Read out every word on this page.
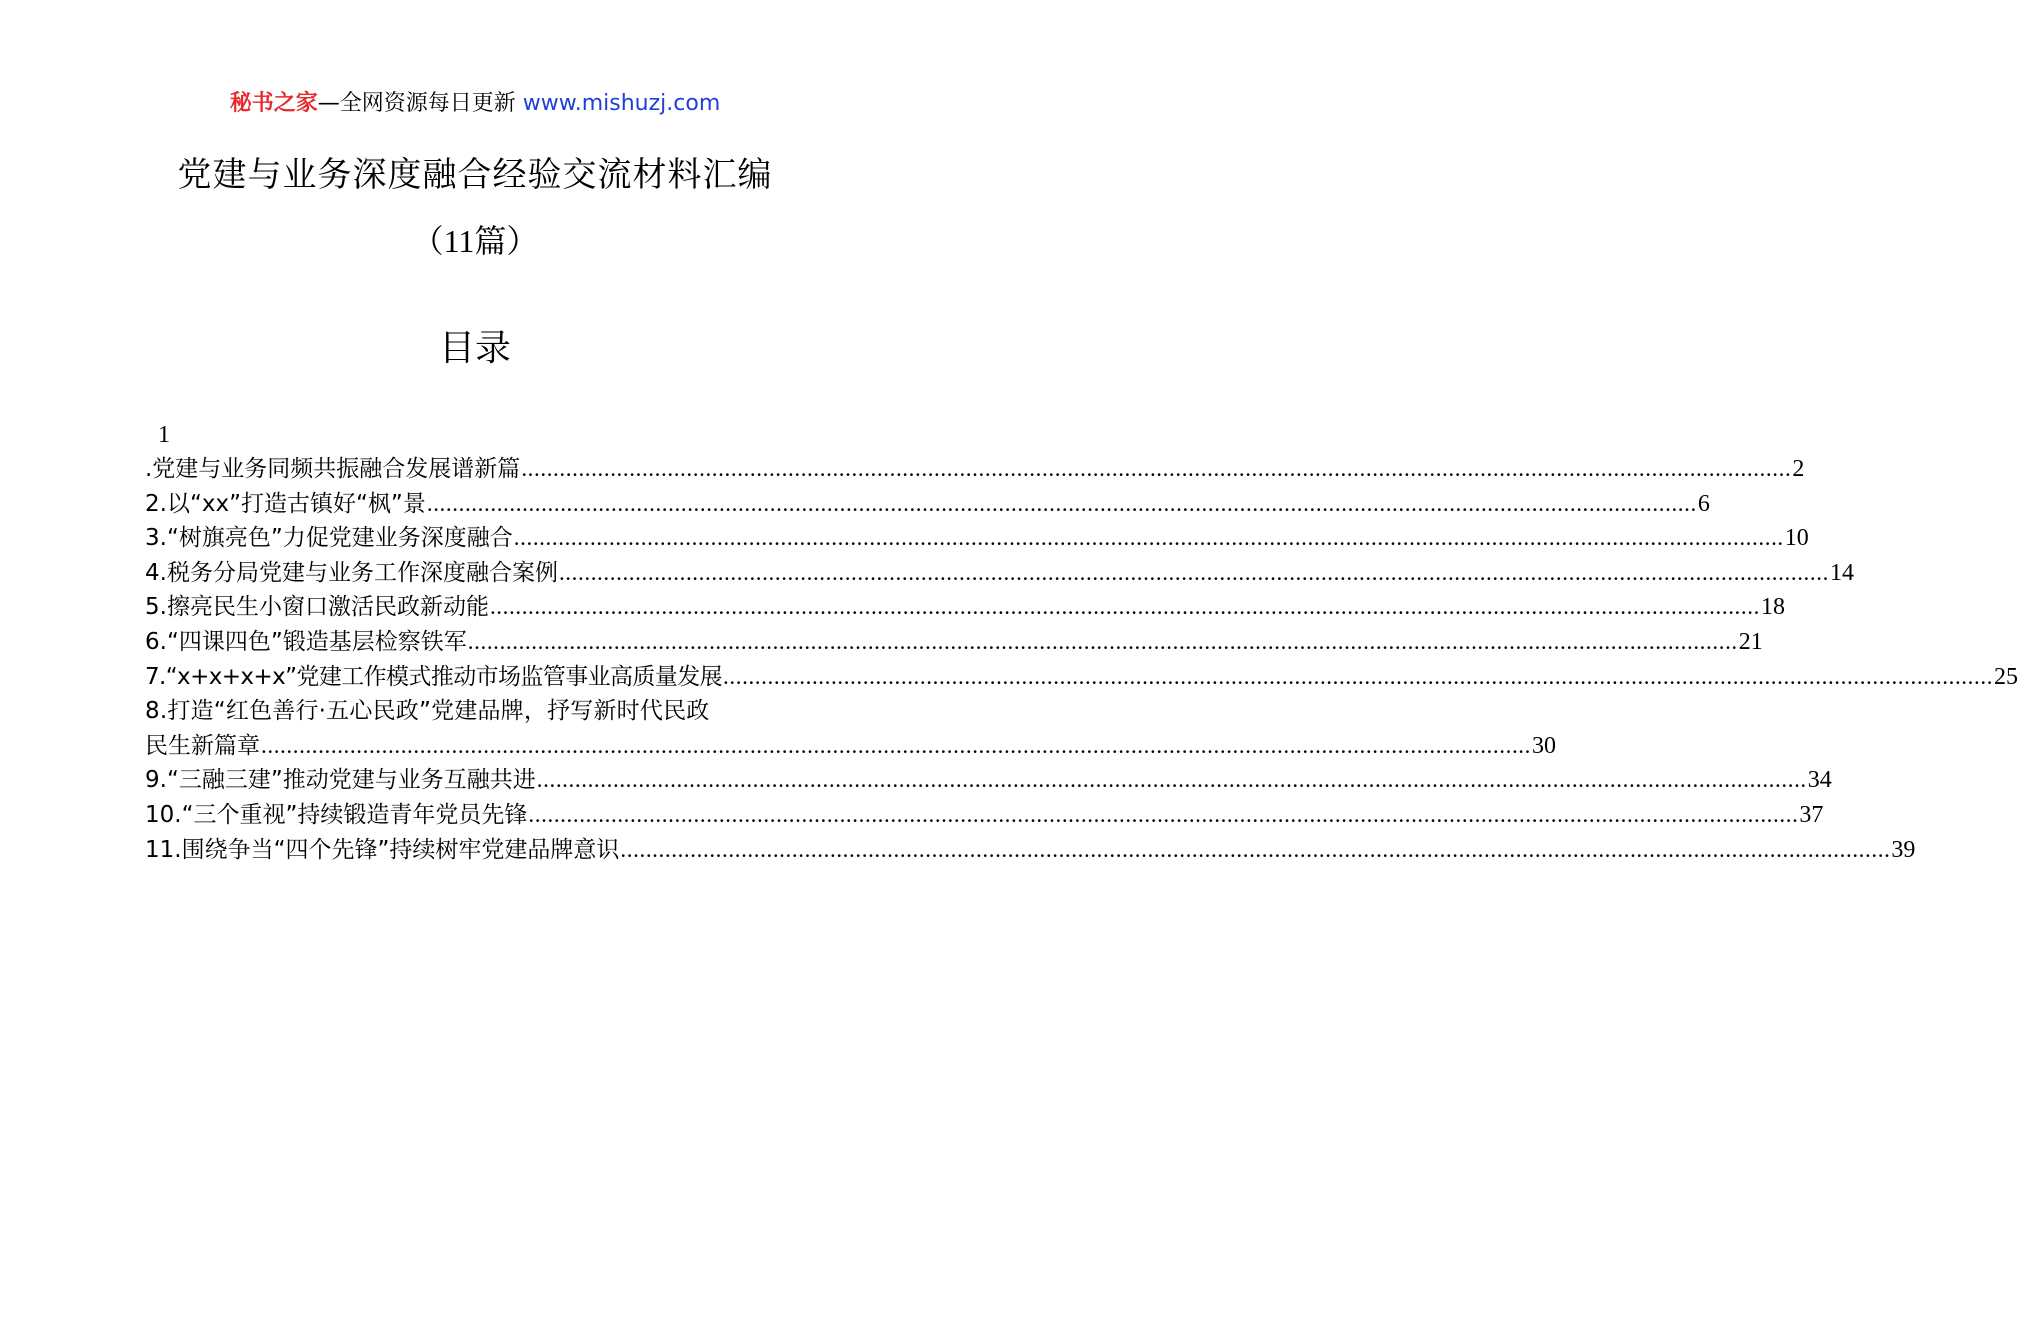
秘书之家—全网资源每日更新 www.mishuzj.com
党建与业务深度融合经验交流材料汇编
（11篇）
目录
1
.党建与业务同频共振融合发展谱新篇 ........................................................................................................................................................................................................ 2
2.以“xx”打造古镇好“枫”景 ........................................................................................................................................................................................................ 6
3.“树旗亮色”力促党建业务深度融合 ........................................................................................................................................................................................................ 10
4.税务分局党建与业务工作深度融合案例 ........................................................................................................................................................................................................ 14
5.擦亮民生小窗口激活民政新动能 ........................................................................................................................................................................................................ 18
6.“四课四色”锻造基层检察铁军 ........................................................................................................................................................................................................ 21
7.“x+x+x+x”党建工作模式推动市场监管事业高质量发展 ........................................................................................................................................................................................................ 25
8.打造“红色善行·五心民政”党建品牌，抒写新时代民政
民生新篇章 ........................................................................................................................................................................................................ 30
9.“三融三建”推动党建与业务互融共进 ........................................................................................................................................................................................................ 34
10.“三个重视”持续锻造青年党员先锋 ........................................................................................................................................................................................................ 37
11.围绕争当“四个先锋”持续树牢党建品牌意识 ........................................................................................................................................................................................................ 39
